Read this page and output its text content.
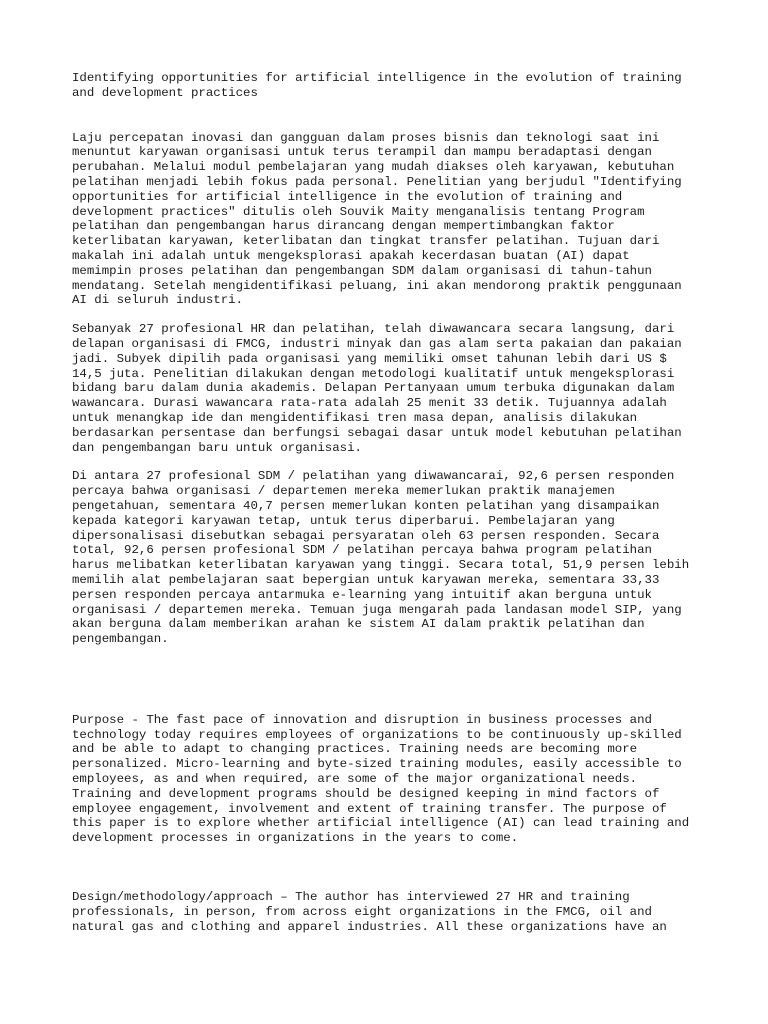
Identifying opportunities for artificial intelligence in the evolution of training
and development practices

Laju percepatan inovasi dan gangguan dalam proses bisnis dan teknologi saat ini
menuntut karyawan organisasi untuk terus terampil dan mampu beradaptasi dengan
perubahan. Melalui modul pembelajaran yang mudah diakses oleh karyawan, kebutuhan
pelatihan menjadi lebih fokus pada personal. Penelitian yang berjudul "Identifying
opportunities for artificial intelligence in the evolution of training and
development practices" ditulis oleh Souvik Maity menganalisis tentang Program
pelatihan dan pengembangan harus dirancang dengan mempertimbangkan faktor
keterlibatan karyawan, keterlibatan dan tingkat transfer pelatihan. Tujuan dari
makalah ini adalah untuk mengeksplorasi apakah kecerdasan buatan (AI) dapat
memimpin proses pelatihan dan pengembangan SDM dalam organisasi di tahun-tahun
mendatang. Setelah mengidentifikasi peluang, ini akan mendorong praktik penggunaan
AI di seluruh industri.

Sebanyak 27 profesional HR dan pelatihan, telah diwawancara secara langsung, dari
delapan organisasi di FMCG, industri minyak dan gas alam serta pakaian dan pakaian
jadi. Subyek dipilih pada organisasi yang memiliki omset tahunan lebih dari US $
14,5 juta. Penelitian dilakukan dengan metodologi kualitatif untuk mengeksplorasi
bidang baru dalam dunia akademis. Delapan Pertanyaan umum terbuka digunakan dalam
wawancara. Durasi wawancara rata-rata adalah 25 menit 33 detik. Tujuannya adalah
untuk menangkap ide dan mengidentifikasi tren masa depan, analisis dilakukan
berdasarkan persentase dan berfungsi sebagai dasar untuk model kebutuhan pelatihan
dan pengembangan baru untuk organisasi.

Di antara 27 profesional SDM / pelatihan yang diwawancarai, 92,6 persen responden
percaya bahwa organisasi / departemen mereka memerlukan praktik manajemen
pengetahuan, sementara 40,7 persen memerlukan konten pelatihan yang disampaikan
kepada kategori karyawan tetap, untuk terus diperbarui. Pembelajaran yang
dipersonalisasi disebutkan sebagai persyaratan oleh 63 persen responden. Secara
total, 92,6 persen profesional SDM / pelatihan percaya bahwa program pelatihan
harus melibatkan keterlibatan karyawan yang tinggi. Secara total, 51,9 persen lebih
memilih alat pembelajaran saat bepergian untuk karyawan mereka, sementara 33,33
persen responden percaya antarmuka e-learning yang intuitif akan berguna untuk
organisasi / departemen mereka. Temuan juga mengarah pada landasan model SIP, yang
akan berguna dalam memberikan arahan ke sistem AI dalam praktik pelatihan dan
pengembangan.

Purpose - The fast pace of innovation and disruption in business processes and
technology today requires employees of organizations to be continuously up-skilled
and be able to adapt to changing practices. Training needs are becoming more
personalized. Micro-learning and byte-sized training modules, easily accessible to
employees, as and when required, are some of the major organizational needs.
Training and development programs should be designed keeping in mind factors of
employee engagement, involvement and extent of training transfer. The purpose of
this paper is to explore whether artificial intelligence (AI) can lead training and
development processes in organizations in the years to come.

Design/methodology/approach – The author has interviewed 27 HR and training
professionals, in person, from across eight organizations in the FMCG, oil and
natural gas and clothing and apparel industries. All these organizations have an
